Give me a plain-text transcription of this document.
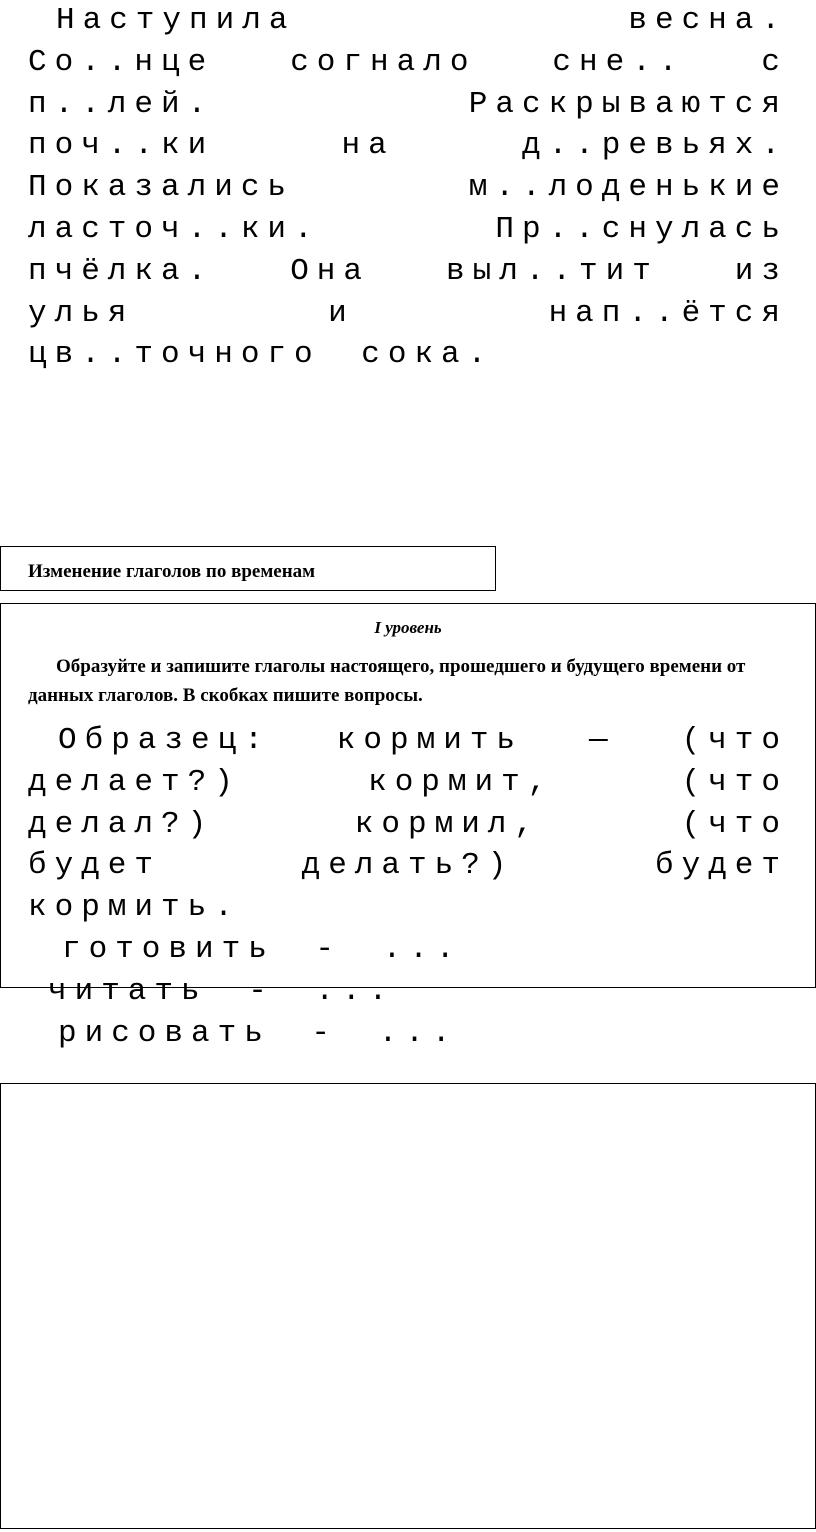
Наступила весна.
Со..нце согнало сне.. с
п..лей. Раскрываются
поч..ки на д..ревьях.
Показались м..лоденькие
ласточ..ки. Пр..снулась
пчёлка. Она выл..тит из
улья и нап..ётся
цв..точного сока.
Изменение глаголов по временам
I уровень
Образуйте и запишите глаголы настоящего, прошедшего и будущего времени от данных глаголов. В скобках пишите вопросы.
Образец: кормить — (что
делает?) кормит, (что
делал?) кормил, (что
будет делать?) будет
кормить.
готовить - ...
читать - ...
рисовать - ...
